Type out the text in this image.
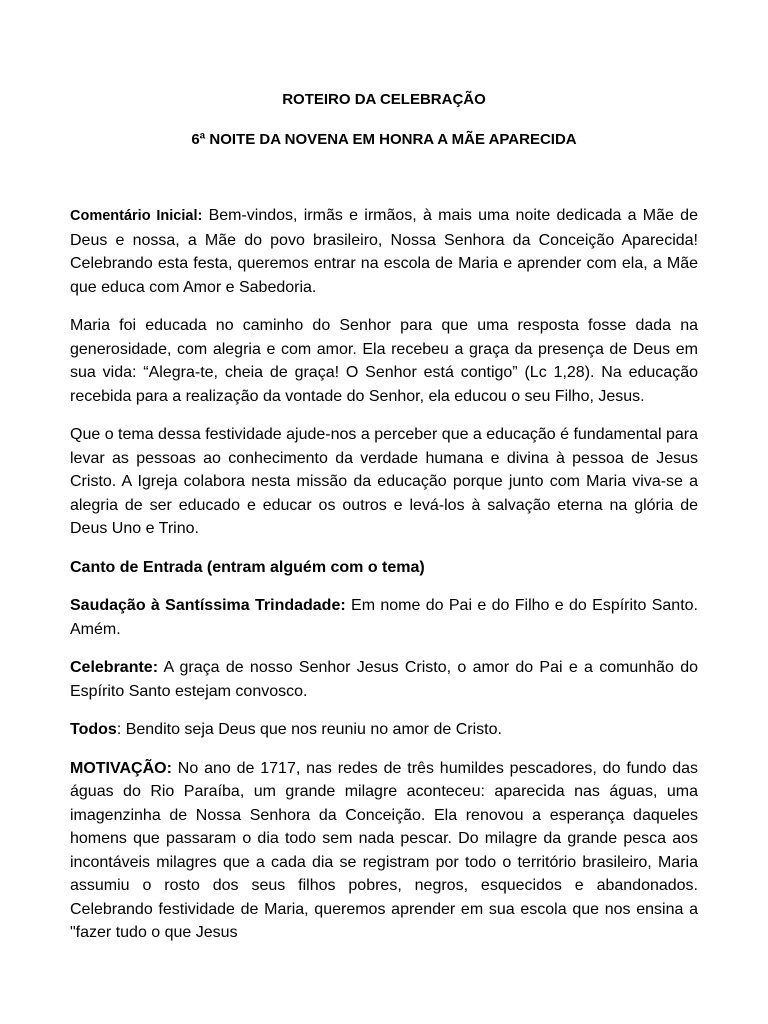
ROTEIRO DA CELEBRAÇÃO
6ª NOITE DA NOVENA EM HONRA A MÃE APARECIDA

Comentário Inicial: Bem-vindos, irmãs e irmãos, à mais uma noite dedicada a Mãe de Deus e nossa, a Mãe do povo brasileiro, Nossa Senhora da Conceição Aparecida! Celebrando esta festa, queremos entrar na escola de Maria e aprender com ela, a Mãe que educa com Amor e Sabedoria.

Maria foi educada no caminho do Senhor para que uma resposta fosse dada na generosidade, com alegria e com amor. Ela recebeu a graça da presença de Deus em sua vida: “Alegra-te, cheia de graça! O Senhor está contigo” (Lc 1,28). Na educação recebida para a realização da vontade do Senhor, ela educou o seu Filho, Jesus.

Que o tema dessa festividade ajude-nos a perceber que a educação é fundamental para levar as pessoas ao conhecimento da verdade humana e divina à pessoa de Jesus Cristo. A Igreja colabora nesta missão da educação porque junto com Maria viva-se a alegria de ser educado e educar os outros e levá-los à salvação eterna na glória de Deus Uno e Trino.

Canto de Entrada (entram alguém com o tema)

Saudação à Santíssima Trindadade: Em nome do Pai e do Filho e do Espírito Santo. Amém.

Celebrante: A graça de nosso Senhor Jesus Cristo, o amor do Pai e a comunhão do Espírito Santo estejam convosco.

Todos: Bendito seja Deus que nos reuniu no amor de Cristo.

MOTIVAÇÃO: No ano de 1717, nas redes de três humildes pescadores, do fundo das águas do Rio Paraíba, um grande milagre aconteceu: aparecida nas águas, uma imagenzinha de Nossa Senhora da Conceição. Ela renovou a esperança daqueles homens que passaram o dia todo sem nada pescar. Do milagre da grande pesca aos incontáveis milagres que a cada dia se registram por todo o território brasileiro, Maria assumiu o rosto dos seus filhos pobres, negros, esquecidos e abandonados. Celebrando festividade de Maria, queremos aprender em sua escola que nos ensina a "fazer tudo o que Jesus
